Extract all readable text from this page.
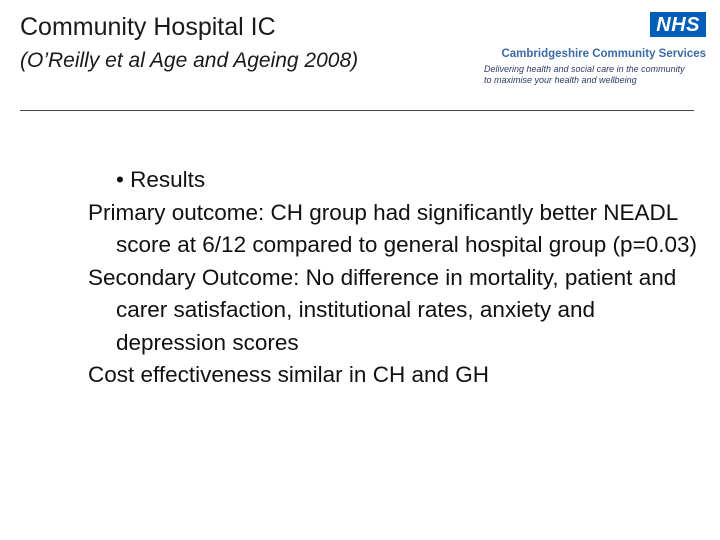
Community Hospital IC
(O’Reilly et al Age and Ageing 2008)
NHS
Cambridgeshire Community Services
Delivering health and social care in the community
to maximise your health and wellbeing
• Results
Primary outcome: CH group had significantly better NEADL score at 6/12 compared to general hospital group (p=0.03)
Secondary Outcome: No difference in mortality, patient and carer satisfaction, institutional rates, anxiety and depression scores
Cost effectiveness similar in CH and GH
